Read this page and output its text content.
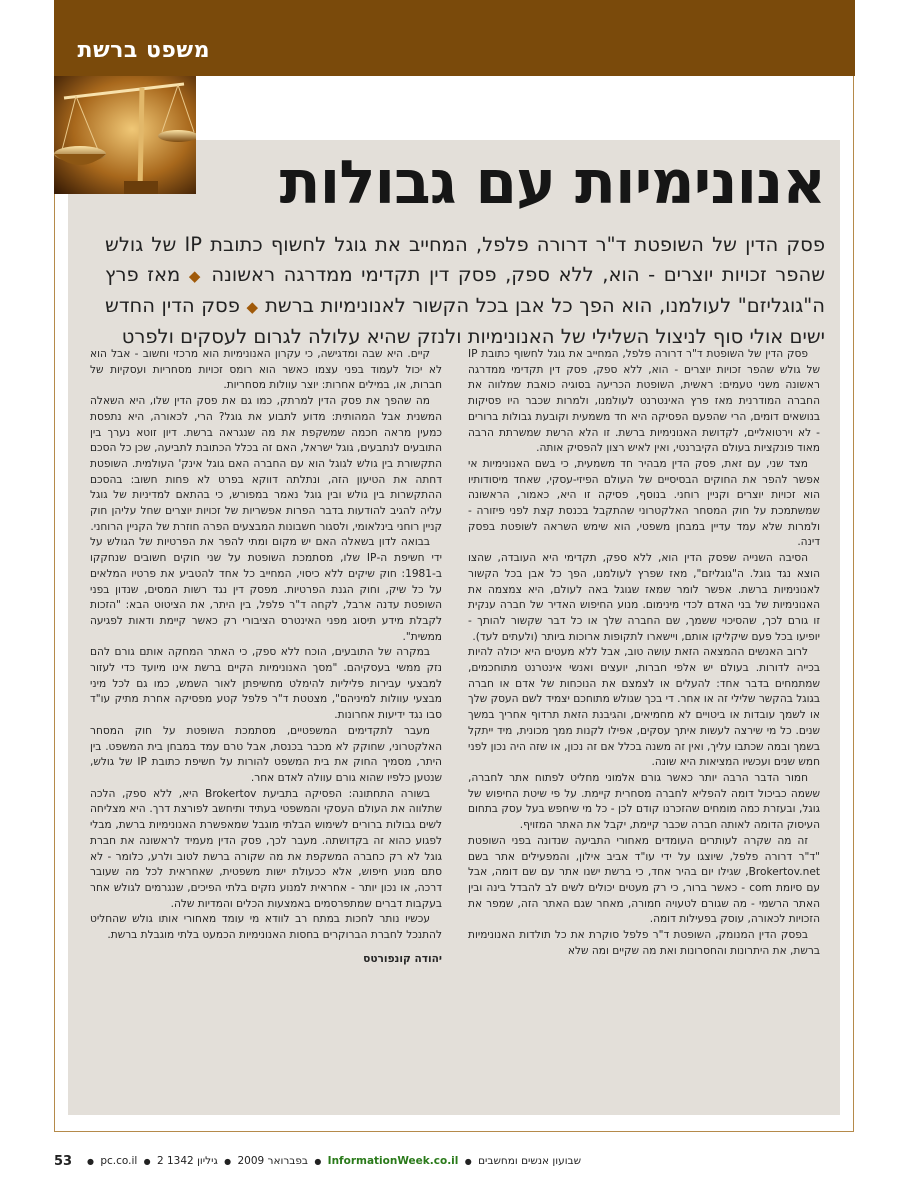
משפט ברשת
אנונימיות עם גבולות
פסק הדין של השופטת ד"ר דרורה פלפל, המחייב את גוגל לחשוף כתובת IP של גולש שהפר זכויות יוצרים - הוא, ללא ספק, פסק דין תקדימי ממדרגה ראשונה ◆ מאז פרץ ה"גוגליזם" לעולמנו, הוא הפך כל אבן בכל הקשור לאנונימיות ברשת ◆ פסק הדין החדש ישים אולי סוף לניצול השלילי של האנונימיות ולנזק שהיא עלולה לגרום לעסקים ולפרט

פסק הדין של השופטת ד"ר דרורה פלפל, המחייב את גוגל לחשוף כתובת IP של גולש שהפר זכויות יוצרים - הוא, ללא ספק, פסק דין תקדימי ממדרגה ראשונה משני טעמים: ראשית, השופטת הכריעה בסוגיה כואבת שמלווה את החברה המודרנית מאז פרץ האינטרנט לעולמנו, ולמרות שכבר היו פסיקות בנושאים דומים, הרי שהפעם הפסיקה היא חד משמעית וקובעת גבולות ברורים - לא וירטואליים, לקדושת האנונימיות ברשת. זו הלא הרשת שמשרתת הרבה מאוד פונקציות בעולם הקיברנטי, ואין לאיש רצון להפסיק אותה.

מצד שני, עם זאת, פסק הדין מבהיר חד משמעית, כי בשם האנונימיות אי אפשר להפר את החוקים הבסיסיים של העולם הפיזי-עסקי, שאחד מיסודותיו הוא זכויות יוצרים וקניין רוחני. בנוסף, פסיקה זו היא, כאמור, הראשונה שמשתמכת על חוק המסחר האלקטרוני שהתקבל בכנסת קצת לפני פיזורה - ולמרות שלא עמד עדיין במבחן משפטי, הוא שימש השראה לשופטת בפסק דינה.

הסיבה השנייה שפסק הדין הוא, ללא ספק, תקדימי היא העובדה, שהצו הוצא נגד גוגל. ה"גוגליזם", מאז שפרץ לעולמנו, הפך כל אבן בכל הקשור לאנונימיות ברשת. אפשר לומר שמאז שגוגל באה לעולם, היא צמצמה את האנונימיות של בני האדם לכדי מינימום. מנוע החיפוש האדיר של חברה ענקית זו גורם לכך, שהסיכוי ששמך, שם החברה שלך או כל דבר שקשור להותך - יופיעו בכל פעם שיקליקו אותם, ויישארו לתקופות ארוכות ביותר (ולעתים לעד).

לרוב האנשים ההמצאה הזאת עושה טוב, אבל ללא מעטים היא יכולה להיות בכייה לדורות. בעולם יש אלפי חברות, יועצים ואנשי אינטרנט מתוחכמים, שמתמחים בדבר אחד: להעלים או לצמצם את הנוכחות של אדם או חברה בגוגל בהקשר שלילי זה או אחר. די בכך שגולש מתוחכם יצמיד לשם העסק שלך או לשמך עובדות או ביטויים לא מחמיאים, והגיבנת הזאת תרדוף אחריך במשך שנים. כל מי שירצה לעשות איתך עסקים, אפילו לקנות ממך מכונית, מיד ייתקל בשמך ובמה שכתבו עליך, ואין זה משנה בכלל אם זה נכון, או שזה היה נכון לפני חמש שנים ועכשיו המציאות היא שונה.

חמור הדבר הרבה יותר כאשר גורם אלמוני מחליט לפתוח אתר לחברה, ששמה כביכול דומה להפליא לחברה מסחרית קיימת. על פי שיטת החיפוש של גוגל, ובעזרת כמה מומחים שהזכרנו קודם לכן - כל מי שיחפש בעל עסק בתחום העיסוק הדומה לאותה חברה שכבר קיימת, יקבל את האתר המזויף.

זה מה שקרה לעותרים העומדים מאחורי התביעה שנדונה בפני השופטת "ד"ר דרורה פלפל, שיוצגו על ידי עו"ד אביב אילון, והמפעילים אתר בשם Brokertov.net, שגילו יום בהיר אחד, כי ברשת ישנו אתר עם שם דומה, אבל עם סיומת com - כאשר ברור, כי רק מעטים יכולים לשים לב להבדל בינה ובין האתר הרשמי - מה שגורם לטעויה חמורה, מאחר שגם האתר הזה, שמפר את הזכויות לכאורה, עוסק בפעילות דומה.

בפסק הדין המנומק, השופטת ד"ר פלפל סוקרת את כל תולדות האנונימיות ברשת, את היתרונות והחסרונות ואת מה שקיים ומה שלא

קיים. היא שבה ומדגישה, כי עקרון האנונימיות הוא מרכזי וחשוב - אבל הוא לא יכול לעמוד בפני עצמו כאשר הוא רומס זכויות מסחריות ועסקיות של חברות, או, במילים אחרות: יוצר עוולות מסחריות.

מה שהפך את פסק הדין למרתק, כמו גם את פסק הדין שלו, היא השאלה המשנית אבל המהותית: מדוע לתבוע את גוגל? הרי, לכאורה, היא נתפסת כמעין מראה חכמה שמשקפת את מה שנגראה ברשת. דיון זוטא נערך בין התובעים לנתבעים, גוגל ישראל, האם זה בכלל הכתובת לתביעה, שכן כל הסכם התקשורת בין גולש לגוגל הוא עם החברה האם גוגל אינק' העולמית. השופטת דחתה את הטיעון הזה, ונתלתה דווקא בפרט לא פחות חשוב: בהסכם ההתקשרות בין גולש ובין גוגל נאמר במפורש, כי בהתאם למדיניות של גוגל עליה להגיב להודעות בדבר הפרות אפשריות של זכויות יוצרים שחל עליהן חוק קניין רוחני בינלאומי, ולסגור חשבונות המבצעים הפרה חוזרת של הקניין הרוחני.

בבואה לדון בשאלה האם יש מקום ומתי להפר את הפרטיות של הגולש על ידי חשיפת ה-IP שלו, מסתמכת השופטת על שני חוקים חשובים שנחקקו ב-1981: חוק שיקים ללא כיסוי, המחייב כל אחד להטביע את פרטיו המלאים על כל שיק, וחוק הגנת הפרטיות. מפסק דין נגד רשות המסים, שנדון בפני השופטת עדנה ארבל, לקחה ד"ר פלפל, בין היתר, את הציטוט הבא: "הזכות לקבלת מידע תיסוג מפני האינטרס הציבורי רק כאשר קיימת ודאות לפגיעה ממשית".

במקרה של התובעים, הוכח ללא ספק, כי האתר המחקה אותם גורם להם נזק ממשי בעסקיהם. "מסך האנונימיות הקיים ברשת אינו מיועד כדי לעזור למבצעי עבירות פליליות להימלט מחשיפתן לאור השמש, כמו גם לכל מיני מבצעי עוולות למיניהם", מצטטת ד"ר פלפל קטע מפסיקה אחרת מתיק עו"ד סבו נגד ידיעות אחרונות.

מעבר לתקדימים המשפטיים, מסתמכת השופטת על חוק המסחר האלקטרוני, שחוקק לא מכבר בכנסת, אבל טרם עמד במבחן בית המשפט. בין היתר, מסמיך החוק את בית המשפט להורות על חשיפת כתובת IP של גולש, שנטען כלפיו שהוא גורם עוולה לאדם אחר.

בשורה התחתונה: הפסיקה בתביעת Brokertov היא, ללא ספק, הלכה שתלווה את העולם העסקי והמשפטי בעתיד ותיחשב לפורצת דרך. היא מצליחה לשים גבולות ברורים לשימוש הבלתי מוגבל שמאפשרת האנונימיות ברשת, מבלי לפגוע כהוא זה בקדושתה. מעבר לכך, פסק הדין מעמיד לראשונה את חברת גוגל לא רק כחברה המשקפת את מה שקורה ברשת לטוב ולרע, כלומר - לא סתם מנוע חיפוש, אלא ככעולת ישות משפטית, שאחראית לכל מה שעובר דרכה, או נכון יותר - אחראית למנוע נזקים בלתי הפיכים, שנגרמים לגולש אחר בעקבות דברים שמתפרסמים באמצעות הכלים והמדיות שלה.

עכשיו נותר לחכות במתח רב לוודא מי עומד מאחורי אותו גולש שהחליט להתנכל לחברת הברוקרים בחסות האנונימיות הכמעט בלתי מוגבלת ברשת.

יהודה קונפורטס
53	● pc.co.il ● 2 בפברואר 2009 ● גיליון 1342	● InformationWeek.co.il ● שבועון אנשים ומחשבים
